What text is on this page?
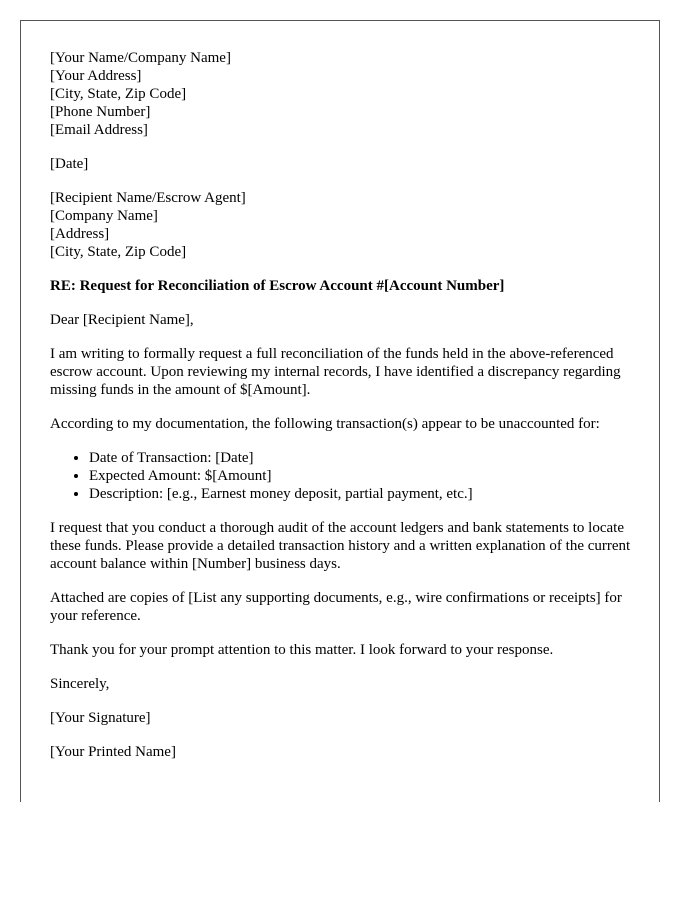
[Your Name/Company Name]

[Your Address]

[City, State, Zip Code]

[Phone Number]

[Email Address]

[Date]

[Recipient Name/Escrow Agent]

[Company Name]

[Address]

[City, State, Zip Code]

RE: Request for Reconciliation of Escrow Account #[Account Number]

Dear [Recipient Name],

I am writing to formally request a full reconciliation of the funds held in the above-referenced escrow account. Upon reviewing my internal records, I have identified a discrepancy regarding missing funds in the amount of $[Amount].

According to my documentation, the following transaction(s) appear to be unaccounted for:

• Date of Transaction: [Date]
• Expected Amount: $[Amount]
• Description: [e.g., Earnest money deposit, partial payment, etc.]

I request that you conduct a thorough audit of the account ledgers and bank statements to locate these funds. Please provide a detailed transaction history and a written explanation of the current account balance within [Number] business days.

Attached are copies of [List any supporting documents, e.g., wire confirmations or receipts] for your reference.

Thank you for your prompt attention to this matter. I look forward to your response.

Sincerely,

[Your Signature]

[Your Printed Name]
